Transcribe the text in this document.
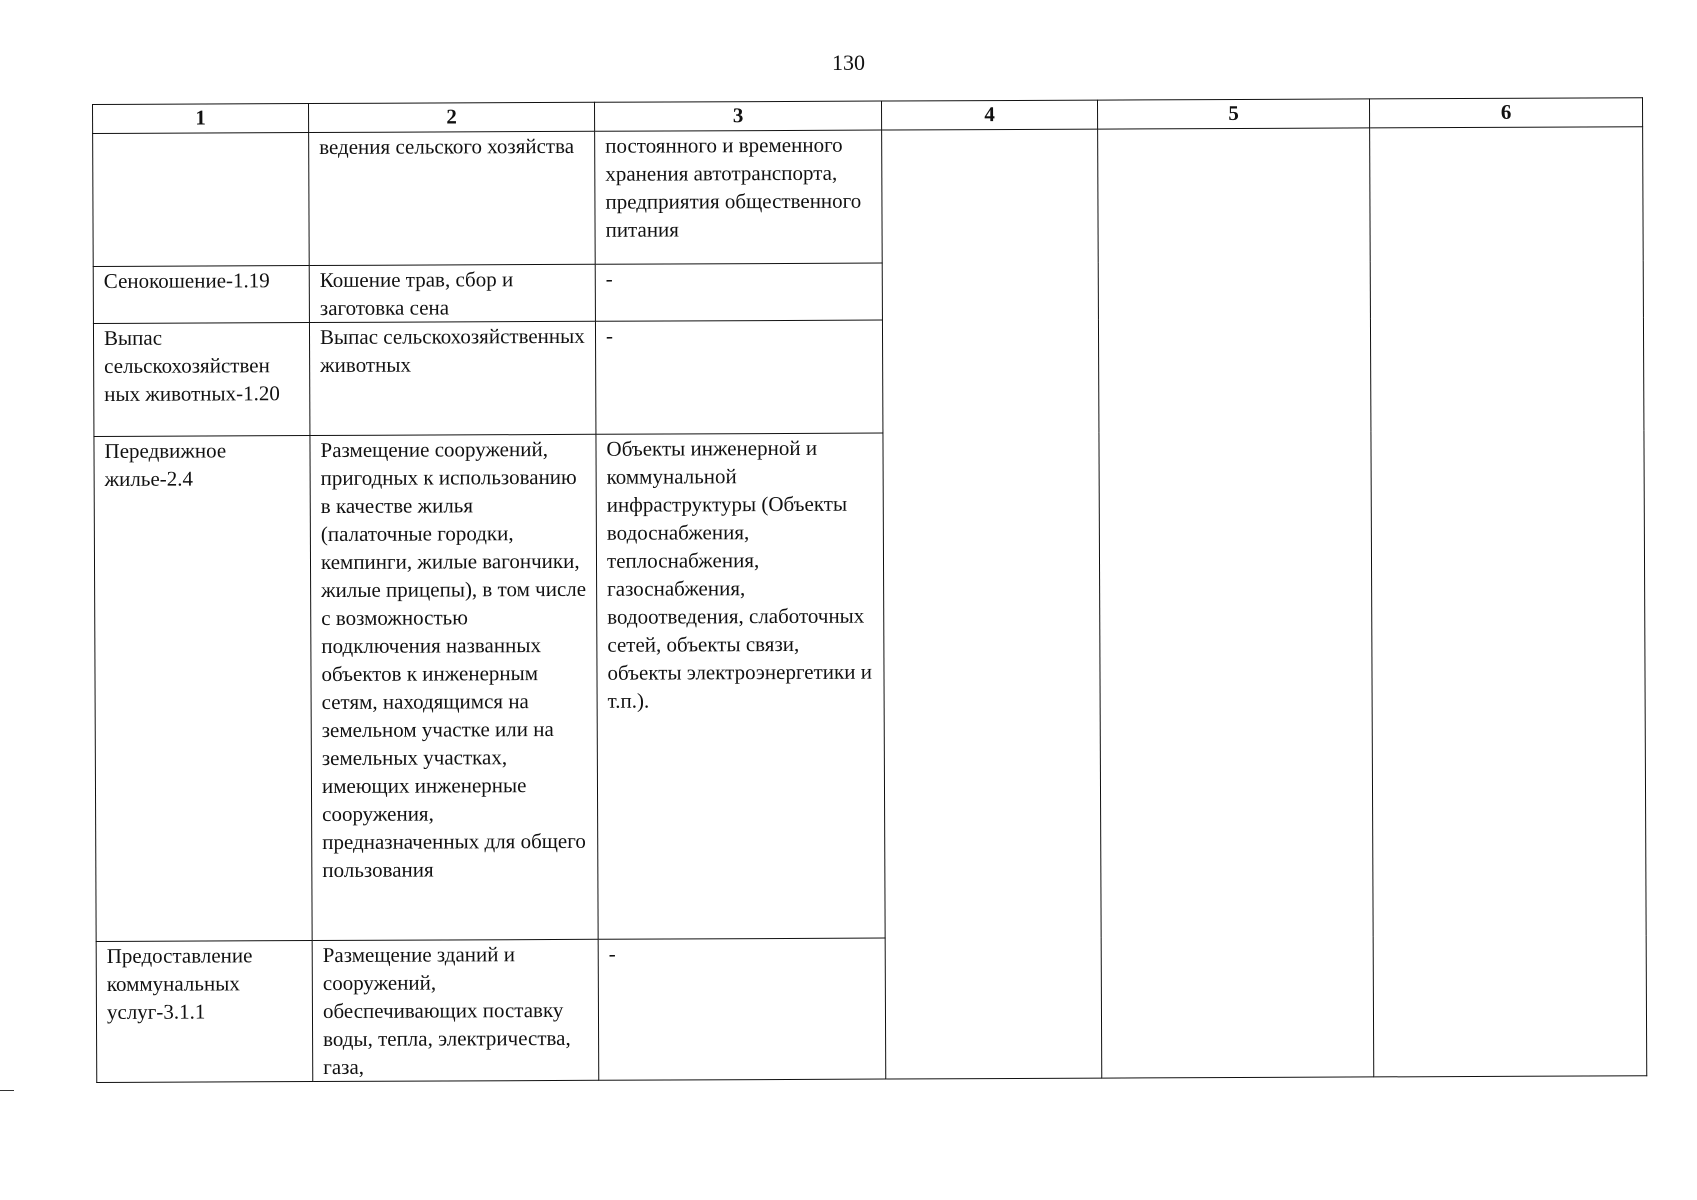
130
1	2	3	4	5	6
	ведения сельского хозяйства	постоянного и временного хранения автотранспорта, предприятия общественного питания			
Сенокошение-1.19	Кошение трав, сбор и заготовка сена	-			
Выпас сельскохозяйствен ных животных-1.20	Выпас сельскохозяйственных животных	-			
Передвижное жилье-2.4	Размещение сооружений, пригодных к использованию в качестве жилья (палаточные городки, кемпинги, жилые вагончики, жилые прицепы), в том числе с возможностью подключения названных объектов к инженерным сетям, находящимся на земельном участке или на земельных участках, имеющих инженерные сооружения, предназначенных для общего пользования	Объекты инженерной и коммунальной инфраструктуры (Объекты водоснабжения, теплоснабжения, газоснабжения, водоотведения, слаботочных сетей, объекты связи, объекты электроэнергетики и т.п.).			
Предоставление коммунальных услуг-3.1.1	Размещение зданий и сооружений, обеспечивающих поставку воды, тепла, электричества, газа,	-			
